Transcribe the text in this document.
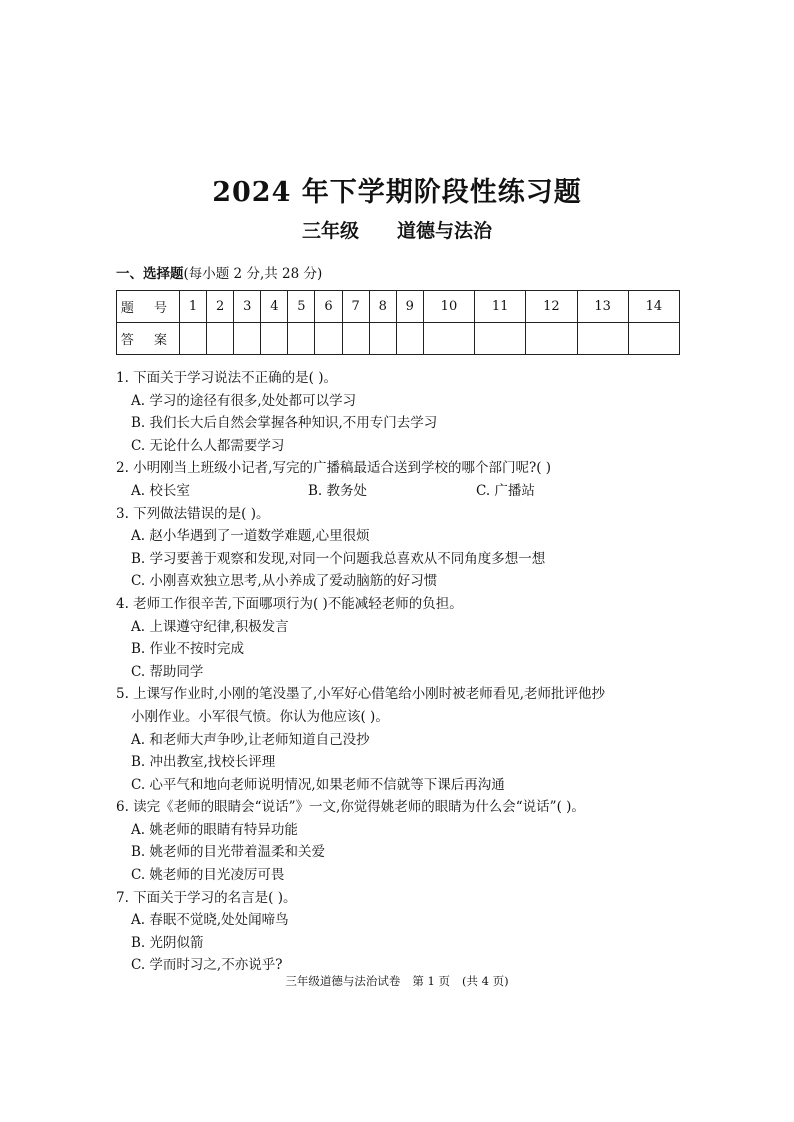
2024 年下学期阶段性练习题
三年级 道德与法治
一、选择题(每小题 2 分,共 28 分)
题 号	1	2	3	4	5	6	7	8	9	10	11	12	13	14
答 案														
1. 下面关于学习说法不正确的是( )。
A. 学习的途径有很多,处处都可以学习
B. 我们长大后自然会掌握各种知识,不用专门去学习
C. 无论什么人都需要学习
2. 小明刚当上班级小记者,写完的广播稿最适合送到学校的哪个部门呢?( )
A. 校长室	B. 教务处	C. 广播站
3. 下列做法错误的是( )。
A. 赵小华遇到了一道数学难题,心里很烦
B. 学习要善于观察和发现,对同一个问题我总喜欢从不同角度多想一想
C. 小刚喜欢独立思考,从小养成了爱动脑筋的好习惯
4. 老师工作很辛苦,下面哪项行为( )不能减轻老师的负担。
A. 上课遵守纪律,积极发言
B. 作业不按时完成
C. 帮助同学
5. 上课写作业时,小刚的笔没墨了,小军好心借笔给小刚时被老师看见,老师批评他抄
小刚作业。小军很气愤。你认为他应该( )。
A. 和老师大声争吵,让老师知道自己没抄
B. 冲出教室,找校长评理
C. 心平气和地向老师说明情况,如果老师不信就等下课后再沟通
6. 读完《老师的眼睛会“说话”》一文,你觉得姚老师的眼睛为什么会“说话”( )。
A. 姚老师的眼睛有特异功能
B. 姚老师的目光带着温柔和关爱
C. 姚老师的目光凌厉可畏
7. 下面关于学习的名言是( )。
A. 春眠不觉晓,处处闻啼鸟
B. 光阴似箭
C. 学而时习之,不亦说乎?
三年级道德与法治试卷 第 1 页 (共 4 页)
